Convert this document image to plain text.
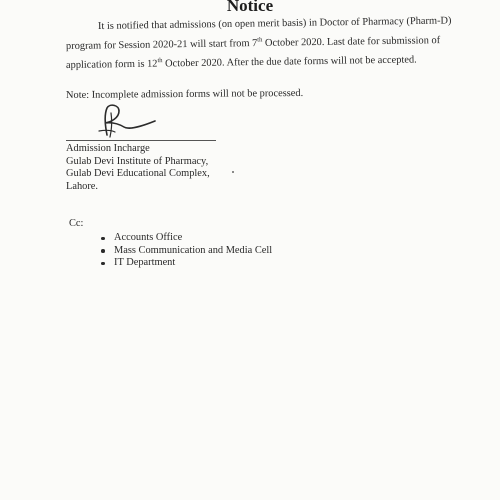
Notice

It is notified that admissions (on open merit basis) in Doctor of Pharmacy (Pharm-D)

program for Session 2020-21 will start from 7th October 2020. Last date for submission of

application form is 12th October 2020. After the due date forms will not be accepted.

Note: Incomplete admission forms will not be processed.

Admission Incharge
Gulab Devi Institute of Pharmacy,
Gulab Devi Educational Complex,
Lahore.

Cc:

Accounts Office
Mass Communication and Media Cell
IT Department
